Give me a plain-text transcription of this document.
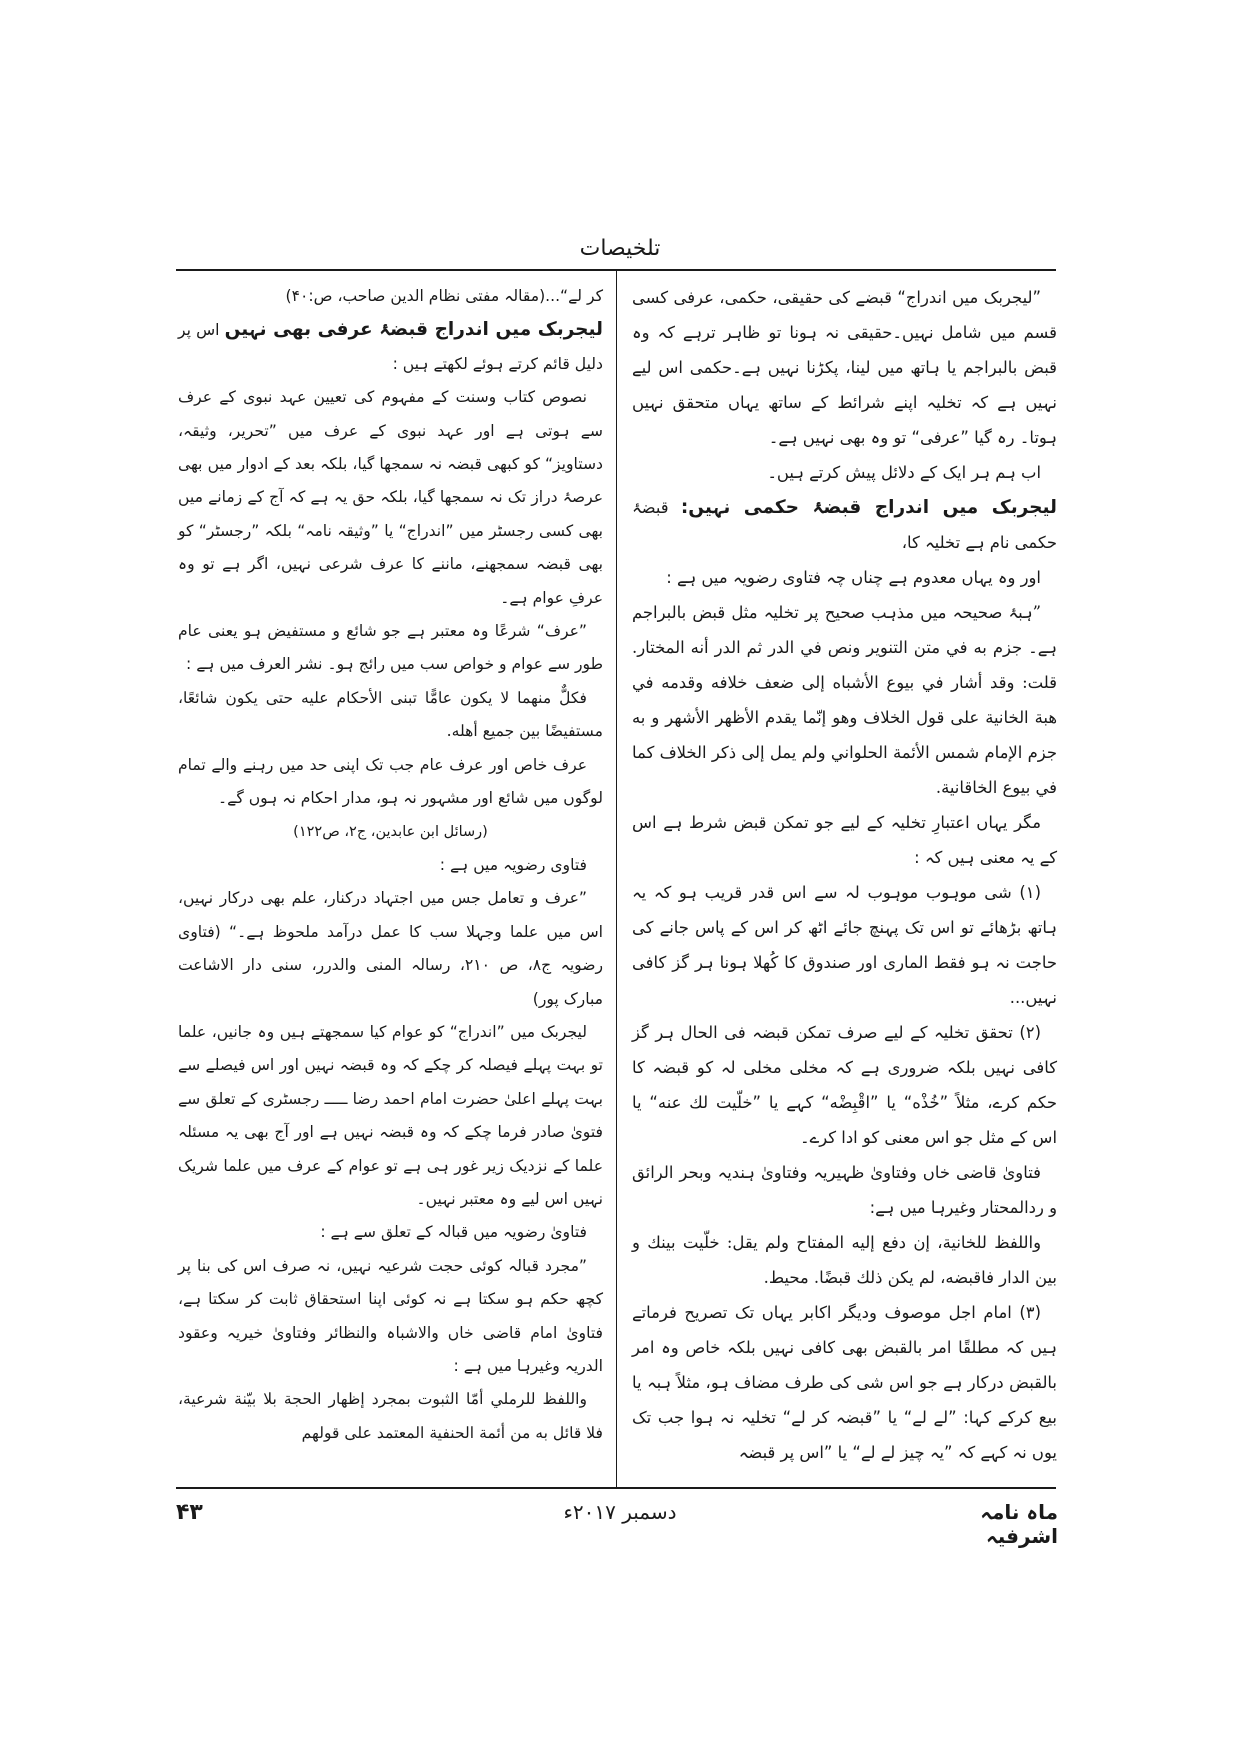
تلخیصات

”لیجربک میں اندراج“ قبضے کی حقیقی، حکمی، عرفی کسی قسم میں شامل نہیں۔حقیقی نہ ہونا تو ظاہر ترہے کہ وہ قبض بالبراجم یا ہاتھ میں لینا، پکڑنا نہیں ہے۔حکمی اس لیے نہیں ہے کہ تخلیہ اپنے شرائط کے ساتھ یہاں متحقق نہیں ہوتا۔ رہ گیا ”عرفی“ تو وہ بھی نہیں ہے۔

اب ہم ہر ایک کے دلائل پیش کرتے ہیں۔

لیجربک میں اندراج قبضۂ حکمی نہیں: قبضۂ حکمی نام ہے تخلیہ کا،

اور وہ یہاں معدوم ہے چناں چہ فتاوی رضویہ میں ہے :

”ہبۂ صحیحہ میں مذہب صحیح پر تخلیہ مثل قبض بالبراجم ہے۔ جزم به في متن التنوير ونص في الدر ثم الدر أنه المختار. قلت: وقد أشار في بيوع الأشباه إلى ضعف خلافه وقدمه في هبة الخانية على قول الخلاف وهو إنّما يقدم الأظهر الأشهر و به جزم الإمام شمس الأئمة الحلواني ولم يمل إلى ذكر الخلاف كما في بيوع الخاقانية.

مگر یہاں اعتبارِ تخلیہ کے لیے جو تمکن قبض شرط ہے اس کے یہ معنی ہیں کہ :

(۱) شی موہوب موہوب لہ سے اس قدر قریب ہو کہ یہ ہاتھ بڑھائے تو اس تک پہنچ جائے اٹھ کر اس کے پاس جانے کی حاجت نہ ہو فقط الماری اور صندوق کا کُھلا ہونا ہر گز کافی نہیں...

(۲) تحقق تخلیہ کے لیے صرف تمکن قبضہ فی الحال ہر گز کافی نہیں بلکہ ضروری ہے کہ مخلی مخلی لہ کو قبضہ کا حکم کرے، مثلاً ”خُذْه“ یا ”اقْبِضْه“ کہے یا ”خلّيت لك عنه“ یا اس کے مثل جو اس معنی کو ادا کرے۔

فتاویٰ قاضی خاں وفتاویٰ ظہیریہ وفتاویٰ ہندیہ وبحر الرائق و ردالمحتار وغیرہا میں ہے:

واللفظ للخانية، إن دفع إليه المفتاح ولم يقل: خلّيت بينك و بين الدار فاقبضه، لم يكن ذلك قبضًا. محيط.

(۳) امام اجل موصوف ودیگر اکابر یہاں تک تصریح فرماتے ہیں کہ مطلقًا امر بالقبض بھی کافی نہیں بلکہ خاص وہ امر بالقبض درکار ہے جو اس شی کی طرف مضاف ہو، مثلاً ہبہ یا بیع کرکے کہا: ”لے لے“ یا ”قبضہ کر لے“ تخلیہ نہ ہوا جب تک یوں نہ کہے کہ ”یہ چیز لے لے“ یا ”اس پر قبضہ

کر لے“...(مقالہ مفتی نظام الدین صاحب، ص:۴۰)

لیجربک میں اندراج قبضۂ عرفی بھی نہیں اس پر دلیل قائم کرتے ہوئے لکھتے ہیں :

نصوص کتاب وسنت کے مفہوم کی تعیین عہد نبوی کے عرف سے ہوتی ہے اور عہد نبوی کے عرف میں ”تحریر، وثیقہ، دستاویز“ کو کبھی قبضہ نہ سمجھا گیا، بلکہ بعد کے ادوار میں بھی عرصۂ دراز تک نہ سمجھا گیا، بلکہ حق یہ ہے کہ آج کے زمانے میں بھی کسی رجسٹر میں ”اندراج“ یا ”وثیقہ نامہ“ بلکہ ”رجسٹر“ کو بھی قبضہ سمجھنے، ماننے کا عرف شرعی نہیں، اگر ہے تو وہ عرفِ عوام ہے۔

”عرف“ شرعًا وہ معتبر ہے جو شائع و مستفیض ہو یعنی عام طور سے عوام و خواص سب میں رائج ہو۔ نشر العرف میں ہے :

فكلٌّ منهما لا يكون عامًّا تبنى الأحكام عليه حتى يكون شائعًا، مستفيضًا بين جميع أهله.

عرف خاص اور عرف عام جب تک اپنی حد میں رہنے والے تمام لوگوں میں شائع اور مشہور نہ ہو، مدار احکام نہ ہوں گے۔

(رسائل ابن عابدین، ج۲، ص۱۲۲)

فتاوی رضویہ میں ہے :

”عرف و تعامل جس میں اجتہاد درکنار، علم بھی درکار نہیں، اس میں علما وجہلا سب کا عمل درآمد ملحوظ ہے۔“ (فتاوی رضویہ ج۸، ص ۲۱۰، رسالہ المنی والدرر، سنی دار الاشاعت مبارک پور)

لیجربک میں ”اندراج“ کو عوام کیا سمجھتے ہیں وہ جانیں، علما تو بہت پہلے فیصلہ کر چکے کہ وہ قبضہ نہیں اور اس فیصلے سے بہت پہلے اعلیٰ حضرت امام احمد رضا ـــــ رجسٹری کے تعلق سے فتویٰ صادر فرما چکے کہ وہ قبضہ نہیں ہے اور آج بھی یہ مسئلہ علما کے نزدیک زیر غور ہی ہے تو عوام کے عرف میں علما شریک نہیں اس لیے وہ معتبر نہیں۔

فتاویٰ رضویہ میں قبالہ کے تعلق سے ہے :

”مجرد قبالہ کوئی حجت شرعیہ نہیں، نہ صرف اس کی بنا پر کچھ حکم ہو سکتا ہے نہ کوئی اپنا استحقاق ثابت کر سکتا ہے، فتاویٰ امام قاضی خاں والاشباہ والنظائر وفتاویٰ خیریہ وعقود الدریہ وغیرہا میں ہے :

واللفظ للرملي أمّا الثبوت بمجرد إظهار الحجة بلا بيّنة شرعية، فلا قائل به من أئمة الحنفية المعتمد على قولهم

ماہ نامہ اشرفیہ
دسمبر ۲۰۱۷ء
۴۳
